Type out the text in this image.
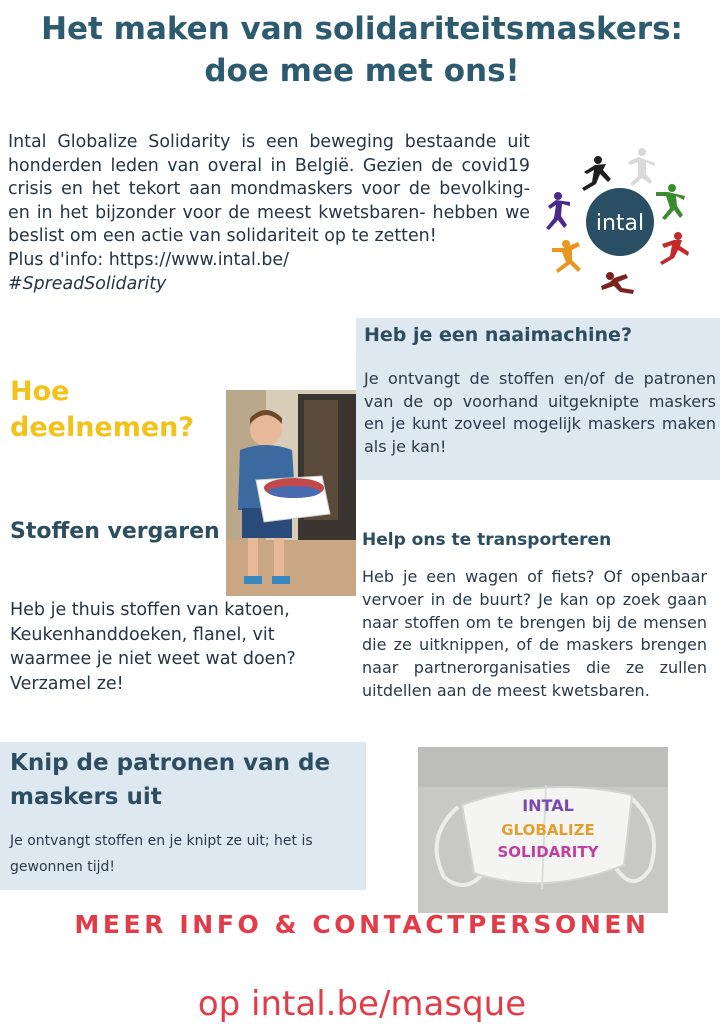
Het maken van solidariteitsmaskers:
doe mee met ons!
Intal Globalize Solidarity is een beweging bestaande uit honderden leden van overal in België. Gezien de covid19 crisis en het tekort aan mondmaskers voor de bevolking- en in het bijzonder voor de meest kwetsbaren- hebben we beslist om een actie van solidariteit op te zetten!
Plus d'info: https://www.intal.be/
#SpreadSolidarity
intal
Heb je een naaimachine?

Je ontvangt de stoffen en/of de patronen van de op voorhand uitgeknipte maskers en je kunt zoveel mogelijk maskers maken als je kan!

Hoe
deelnemen?
Stoffen vergaren

Heb je thuis stoffen van katoen, Keukenhanddoeken, flanel, vit waarmee je niet weet wat doen? Verzamel ze!

Help ons te transporteren

Heb je een wagen of fiets? Of openbaar vervoer in de buurt? Je kan op zoek gaan naar stoffen om te brengen bij de mensen die ze uitknippen, of de maskers brengen naar partnerorganisaties die ze zullen uitdellen aan de meest kwetsbaren.

Knip de patronen van de maskers uit

Je ontvangt stoffen en je knipt ze uit; het is gewonnen tijd!

INTAL
GLOBALIZE
SOLIDARITY

MEER INFO & CONTACTPERSONEN

op intal.be/masque
